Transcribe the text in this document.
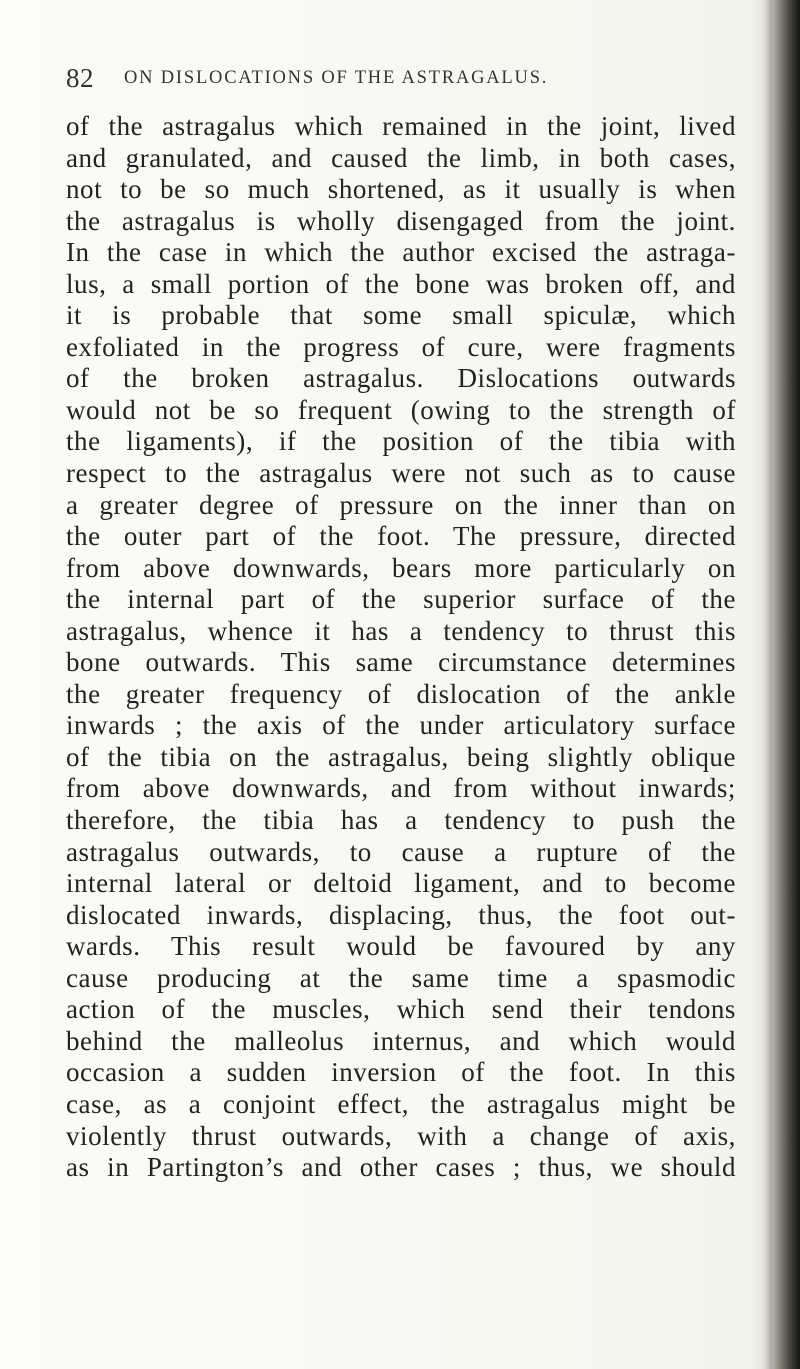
82 ON DISLOCATIONS OF THE ASTRAGALUS.
of the astragalus which remained in the joint, lived
and granulated, and caused the limb, in both cases,
not to be so much shortened, as it usually is when
the astragalus is wholly disengaged from the joint.
In the case in which the author excised the astraga-
lus, a small portion of the bone was broken off, and
it is probable that some small spiculæ, which
exfoliated in the progress of cure, were fragments
of the broken astragalus. Dislocations outwards
would not be so frequent (owing to the strength of
the ligaments), if the position of the tibia with
respect to the astragalus were not such as to cause
a greater degree of pressure on the inner than on
the outer part of the foot. The pressure, directed
from above downwards, bears more particularly on
the internal part of the superior surface of the
astragalus, whence it has a tendency to thrust this
bone outwards. This same circumstance determines
the greater frequency of dislocation of the ankle
inwards ; the axis of the under articulatory surface
of the tibia on the astragalus, being slightly oblique
from above downwards, and from without inwards;
therefore, the tibia has a tendency to push the
astragalus outwards, to cause a rupture of the
internal lateral or deltoid ligament, and to become
dislocated inwards, displacing, thus, the foot out-
wards. This result would be favoured by any
cause producing at the same time a spasmodic
action of the muscles, which send their tendons
behind the malleolus internus, and which would
occasion a sudden inversion of the foot. In this
case, as a conjoint effect, the astragalus might be
violently thrust outwards, with a change of axis,
as in Partington’s and other cases ; thus, we should
